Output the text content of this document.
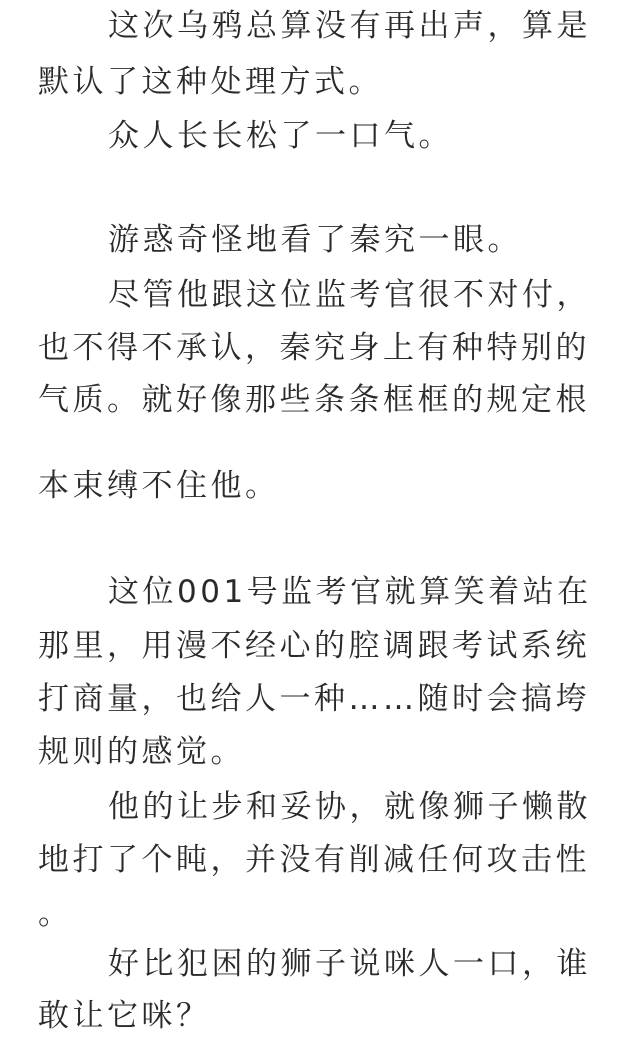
这次乌鸦总算没有再出声，算是

默认了这种处理方式。

众人长长松了一口气。

游惑奇怪地看了秦究一眼。

尽管他跟这位监考官很不对付，

也不得不承认，秦究身上有种特别的

气质。就好像那些条条框框的规定根

本束缚不住他。

这位001号监考官就算笑着站在

那里，用漫不经心的腔调跟考试系统

打商量，也给人一种……随时会搞垮

规则的感觉。

他的让步和妥协，就像狮子懒散

地打了个盹，并没有削减任何攻击性

。

好比犯困的狮子说咪人一口，谁

敢让它咪？
